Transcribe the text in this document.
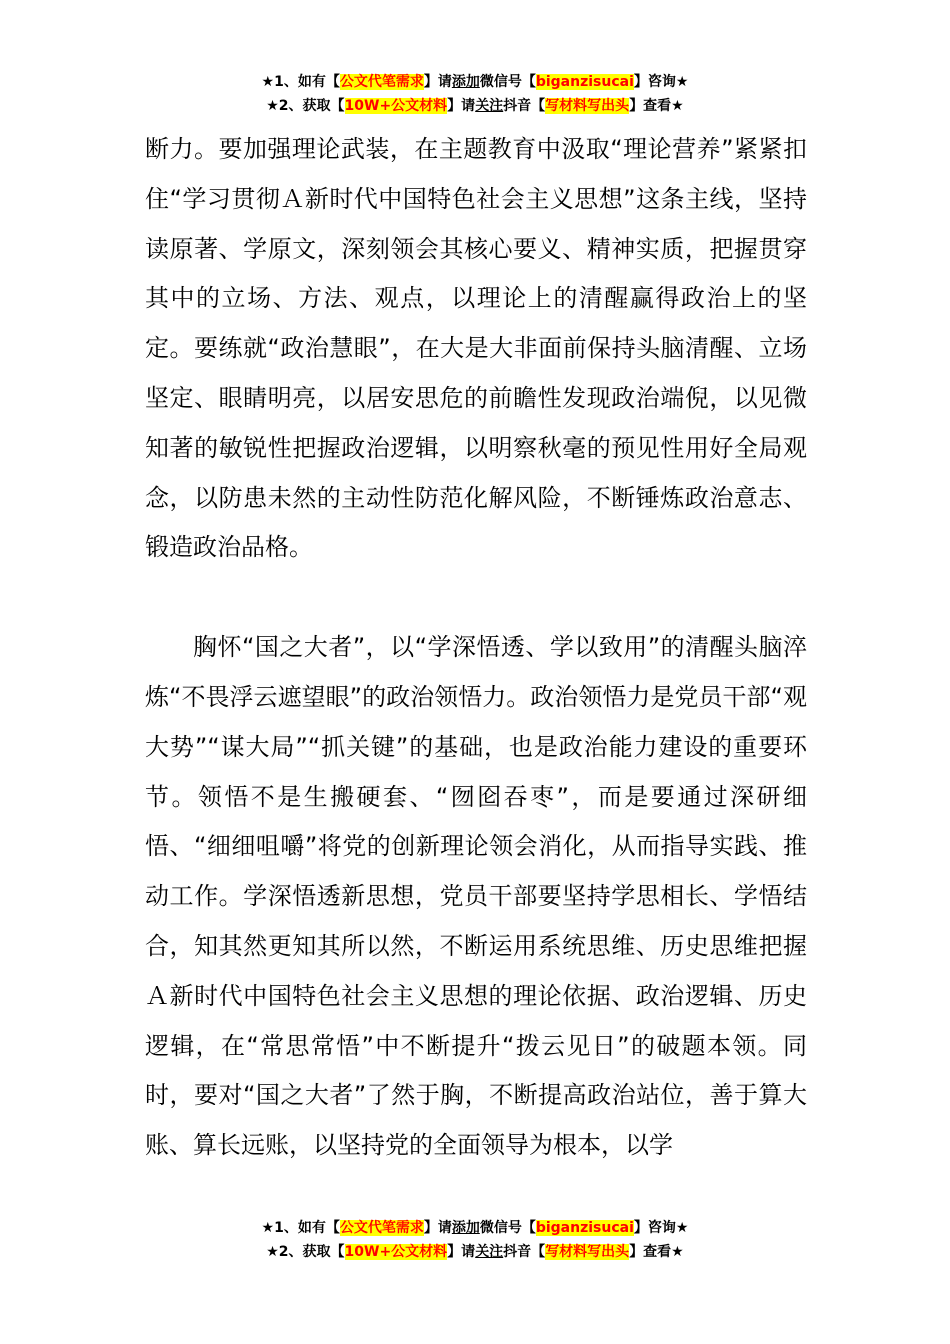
★1、如有【公文代笔需求】请添加微信号【biganzisucai】咨询★
★2、获取【10W+公文材料】请关注抖音【写材料写出头】查看★

断力。要加强理论武装，在主题教育中汲取“理论营养”紧紧扣住“学习贯彻Ａ新时代中国特色社会主义思想”这条主线，坚持读原著、学原文，深刻领会其核心要义、精神实质，把握贯穿其中的立场、方法、观点，以理论上的清醒赢得政治上的坚定。要练就“政治慧眼”，在大是大非面前保持头脑清醒、立场坚定、眼睛明亮，以居安思危的前瞻性发现政治端倪，以见微知著的敏锐性把握政治逻辑，以明察秋毫的预见性用好全局观念，以防患未然的主动性防范化解风险，不断锤炼政治意志、锻造政治品格。

胸怀“国之大者”，以“学深悟透、学以致用”的清醒头脑淬炼“不畏浮云遮望眼”的政治领悟力。政治领悟力是党员干部“观大势”“谋大局”“抓关键”的基础，也是政治能力建设的重要环节。领悟不是生搬硬套、“囫囵吞枣”，而是要通过深研细悟、“细细咀嚼”将党的创新理论领会消化，从而指导实践、推动工作。学深悟透新思想，党员干部要坚持学思相长、学悟结合，知其然更知其所以然，不断运用系统思维、历史思维把握Ａ新时代中国特色社会主义思想的理论依据、政治逻辑、历史逻辑，在“常思常悟”中不断提升“拨云见日”的破题本领。同时，要对“国之大者”了然于胸，不断提高政治站位，善于算大账、算长远账，以坚持党的全面领导为根本，以学

★1、如有【公文代笔需求】请添加微信号【biganzisucai】咨询★
★2、获取【10W+公文材料】请关注抖音【写材料写出头】查看★
